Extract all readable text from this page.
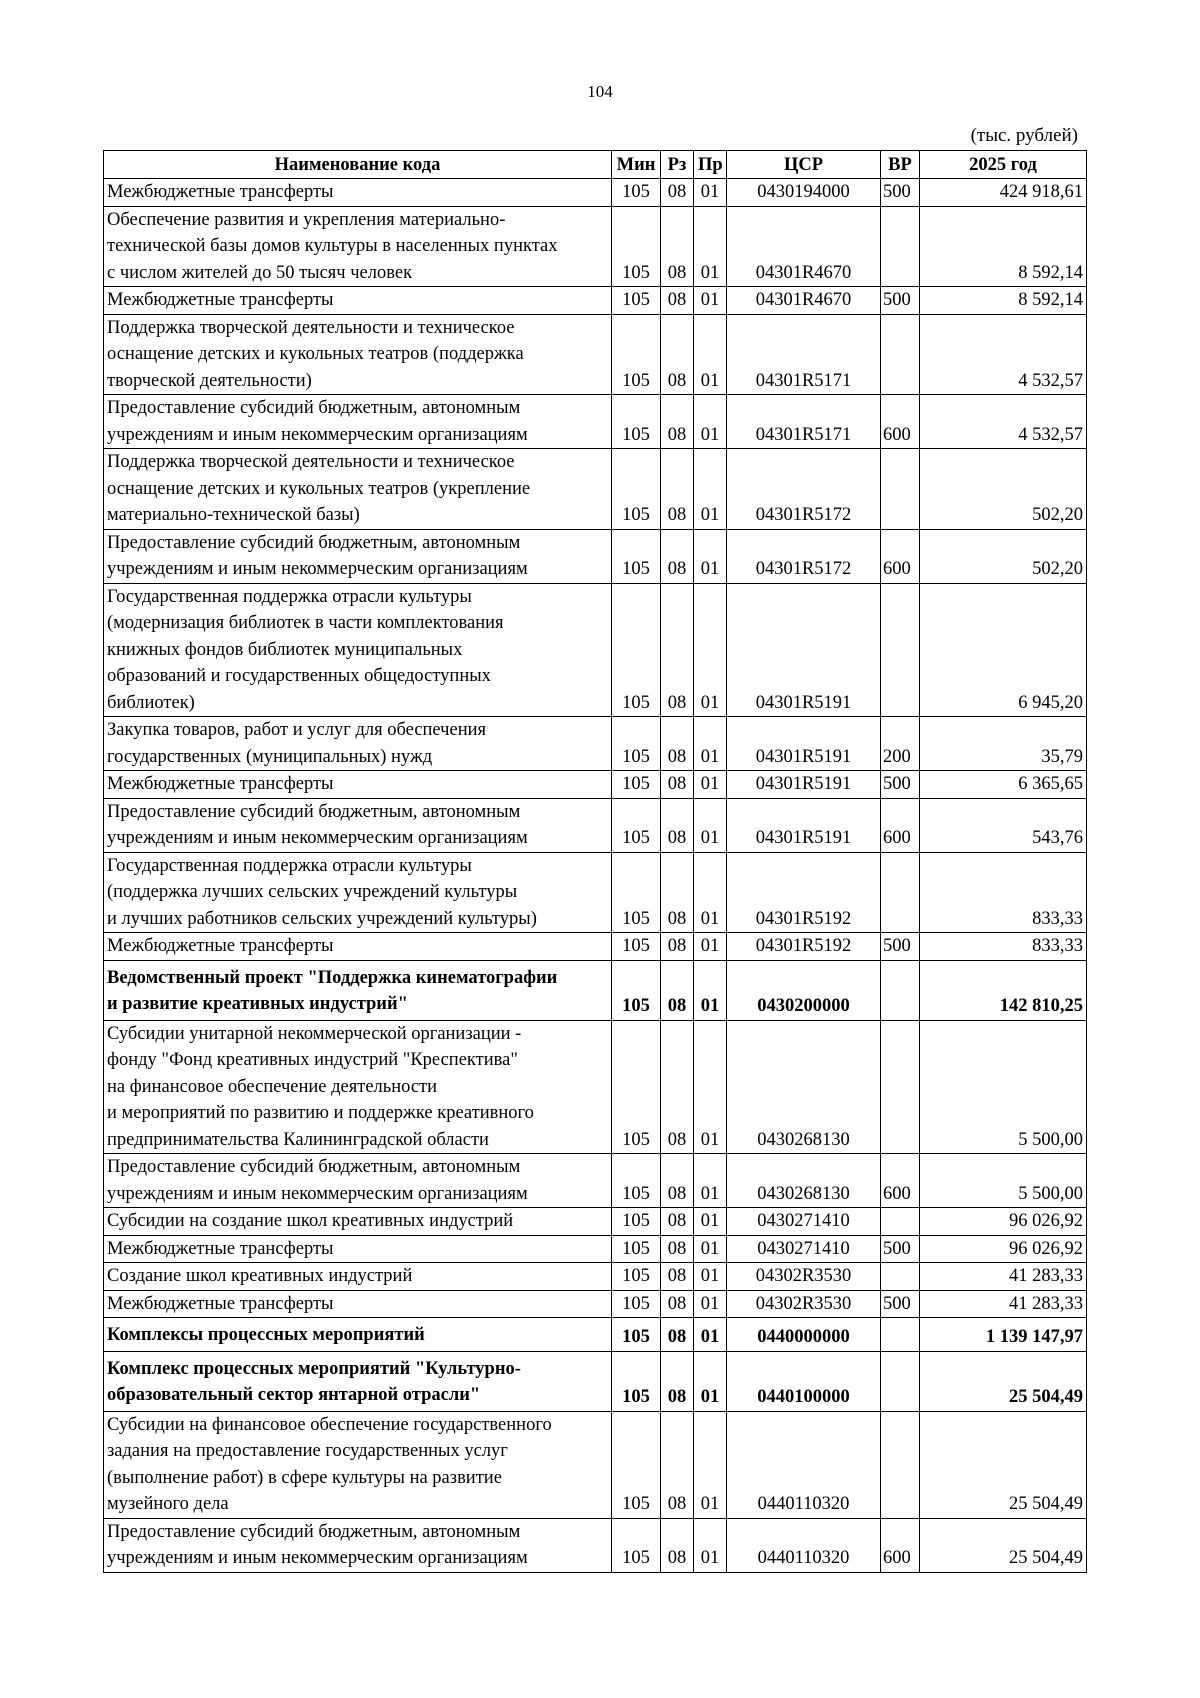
104
(тыс. рублей)
Наименование кода	Мин	Рз	Пр	ЦСР	ВР	2025 год
Межбюджетные трансферты	105	08	01	0430194000	500	424 918,61
Обеспечение развития и укрепления материально-
технической базы домов культуры в населенных пунктах
с числом жителей до 50 тысяч человек	105	08	01	04301R4670		8 592,14
Межбюджетные трансферты	105	08	01	04301R4670	500	8 592,14
Поддержка творческой деятельности и техническое
оснащение детских и кукольных театров (поддержка
творческой деятельности)	105	08	01	04301R5171		4 532,57
Предоставление субсидий бюджетным, автономным
учреждениям и иным некоммерческим организациям	105	08	01	04301R5171	600	4 532,57
Поддержка творческой деятельности и техническое
оснащение детских и кукольных театров (укрепление
материально-технической базы)	105	08	01	04301R5172		502,20
Предоставление субсидий бюджетным, автономным
учреждениям и иным некоммерческим организациям	105	08	01	04301R5172	600	502,20
Государственная поддержка отрасли культуры
(модернизация библиотек в части комплектования
книжных фондов библиотек муниципальных
образований и государственных общедоступных
библиотек)	105	08	01	04301R5191		6 945,20
Закупка товаров, работ и услуг для обеспечения
государственных (муниципальных) нужд	105	08	01	04301R5191	200	35,79
Межбюджетные трансферты	105	08	01	04301R5191	500	6 365,65
Предоставление субсидий бюджетным, автономным
учреждениям и иным некоммерческим организациям	105	08	01	04301R5191	600	543,76
Государственная поддержка отрасли культуры
(поддержка лучших сельских учреждений культуры
и лучших работников сельских учреждений культуры)	105	08	01	04301R5192		833,33
Межбюджетные трансферты	105	08	01	04301R5192	500	833,33
Ведомственный проект "Поддержка кинематографии
и развитие креативных индустрий"	105	08	01	0430200000		142 810,25
Субсидии унитарной некоммерческой организации -
фонду "Фонд креативных индустрий "Креспектива"
на финансовое обеспечение деятельности
и мероприятий по развитию и поддержке креативного
предпринимательства Калининградской области	105	08	01	0430268130		5 500,00
Предоставление субсидий бюджетным, автономным
учреждениям и иным некоммерческим организациям	105	08	01	0430268130	600	5 500,00
Субсидии на создание школ креативных индустрий	105	08	01	0430271410		96 026,92
Межбюджетные трансферты	105	08	01	0430271410	500	96 026,92
Создание школ креативных индустрий	105	08	01	04302R3530		41 283,33
Межбюджетные трансферты	105	08	01	04302R3530	500	41 283,33
Комплексы процессных мероприятий	105	08	01	0440000000		1 139 147,97
Комплекс процессных мероприятий "Культурно-
образовательный сектор янтарной отрасли"	105	08	01	0440100000		25 504,49
Субсидии на финансовое обеспечение государственного
задания на предоставление государственных услуг
(выполнение работ) в сфере культуры на развитие
музейного дела	105	08	01	0440110320		25 504,49
Предоставление субсидий бюджетным, автономным
учреждениям и иным некоммерческим организациям	105	08	01	0440110320	600	25 504,49
